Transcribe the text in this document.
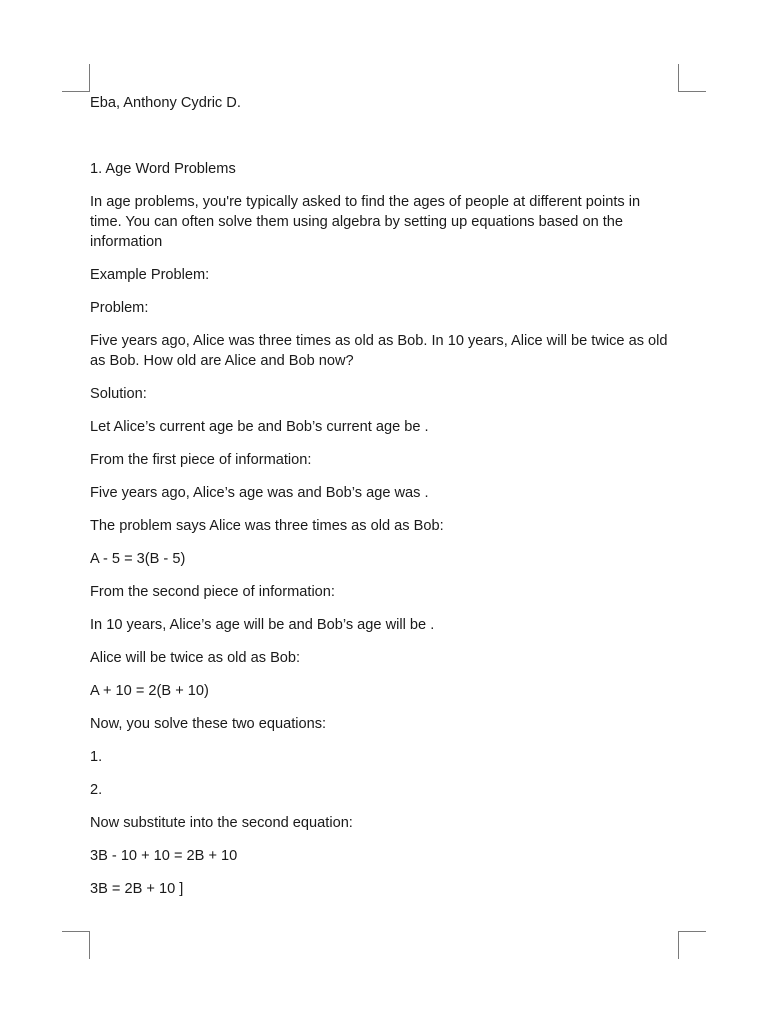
Eba, Anthony Cydric D.

1. Age Word Problems

In age problems, you're typically asked to find the ages of people at different points in time. You can often solve them using algebra by setting up equations based on the information

Example Problem:

Problem:

Five years ago, Alice was three times as old as Bob. In 10 years, Alice will be twice as old as Bob. How old are Alice and Bob now?

Solution:

Let Alice’s current age be and Bob’s current age be .

From the first piece of information:

Five years ago, Alice’s age was and Bob’s age was .

The problem says Alice was three times as old as Bob:

A - 5 = 3(B - 5)

From the second piece of information:

In 10 years, Alice’s age will be and Bob’s age will be .

Alice will be twice as old as Bob:

A + 10 = 2(B + 10)

Now, you solve these two equations:

1.

2.

Now substitute into the second equation:

3B - 10 + 10 = 2B + 10

3B = 2B + 10 ]
